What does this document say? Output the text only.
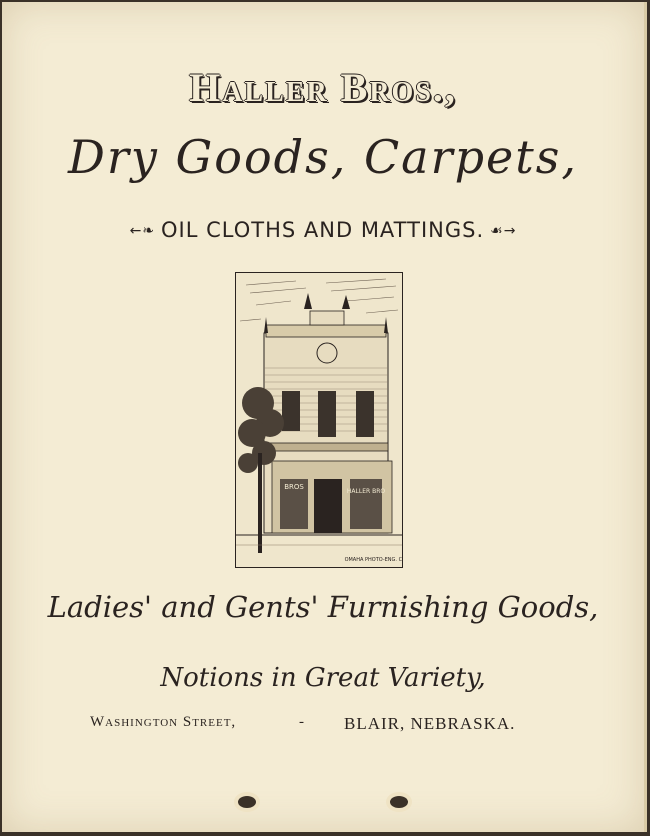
Haller Bros.,
Dry Goods, Carpets,
←❧ OIL CLOTHS AND MATTINGS. ☙→
BROS
HALLER BRO
OMAHA PHOTO-ENG. CO.
Ladies' and Gents' Furnishing Goods,
Notions in Great Variety,
Washington Street,	- BLAIR, NEBRASKA.
